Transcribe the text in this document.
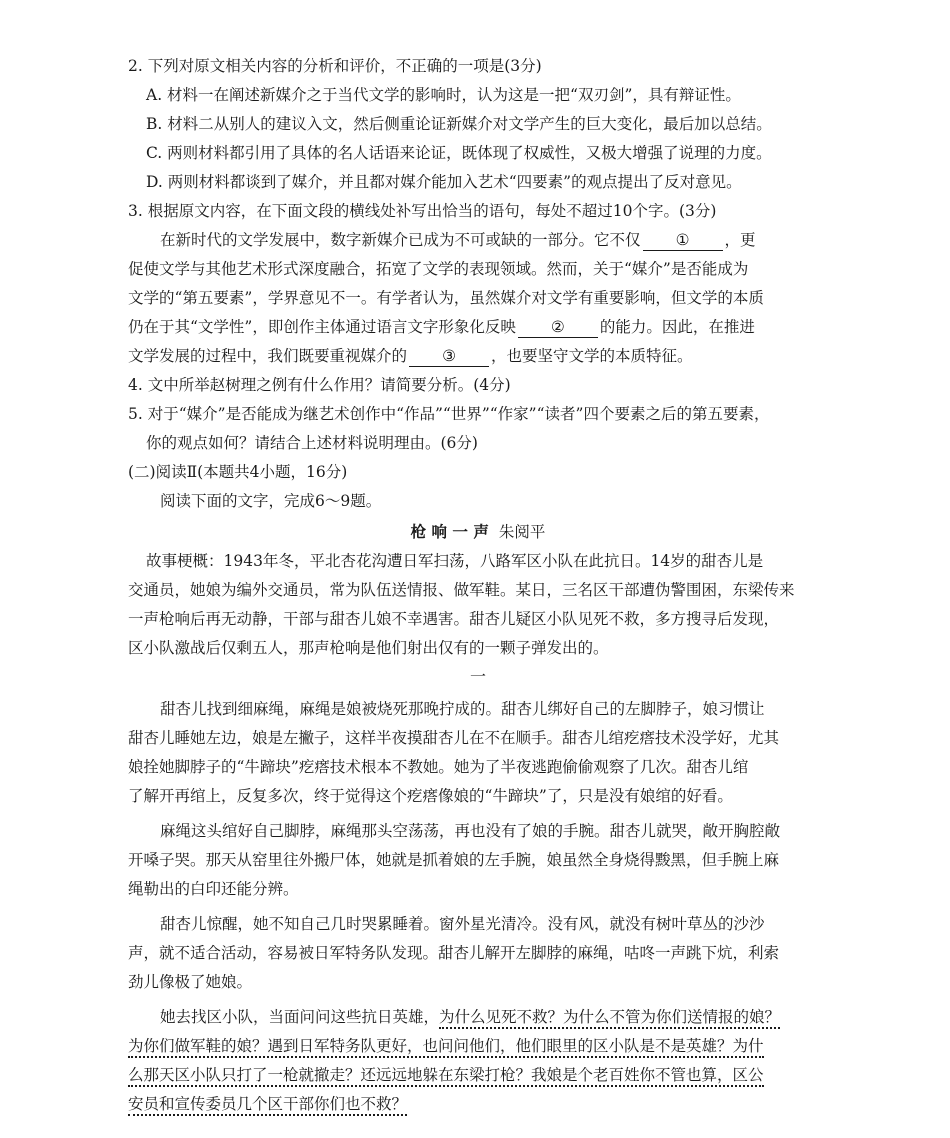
2. 下列对原文相关内容的分析和评价，不正确的一项是(3分)
A. 材料一在阐述新媒介之于当代文学的影响时，认为这是一把“双刃剑”，具有辩证性。
B. 材料二从别人的建议入文，然后侧重论证新媒介对文学产生的巨大变化，最后加以总结。
C. 两则材料都引用了具体的名人话语来论证，既体现了权威性，又极大增强了说理的力度。
D. 两则材料都谈到了媒介，并且都对媒介能加入艺术“四要素”的观点提出了反对意见。
3. 根据原文内容，在下面文段的横线处补写出恰当的语句，每处不超过10个字。(3分)
在新时代的文学发展中，数字新媒介已成为不可或缺的一部分。它不仅 ① ，更
促使文学与其他艺术形式深度融合，拓宽了文学的表现领域。然而，关于“媒介”是否能成为
文学的“第五要素”，学界意见不一。有学者认为，虽然媒介对文学有重要影响，但文学的本质
仍在于其“文学性”，即创作主体通过语言文字形象化反映 ② 的能力。因此，在推进
文学发展的过程中，我们既要重视媒介的 ③ ，也要坚守文学的本质特征。
4. 文中所举赵树理之例有什么作用？请简要分析。(4分)
5. 对于“媒介”是否能成为继艺术创作中“作品”“世界”“作家”“读者”四个要素之后的第五要素，
你的观点如何？请结合上述材料说明理由。(6分)
(二)阅读Ⅱ(本题共4小题，16分)
阅读下面的文字，完成6～9题。
枪 响 一 声 朱阅平
故事梗概：1943年冬，平北杏花沟遭日军扫荡，八路军区小队在此抗日。14岁的甜杏儿是
交通员，她娘为编外交通员，常为队伍送情报、做军鞋。某日，三名区干部遭伪警围困，东梁传来
一声枪响后再无动静，干部与甜杏儿娘不幸遇害。甜杏儿疑区小队见死不救，多方搜寻后发现，
区小队激战后仅剩五人，那声枪响是他们射出仅有的一颗子弹发出的。
一
甜杏儿找到细麻绳，麻绳是娘被烧死那晚拧成的。甜杏儿绑好自己的左脚脖子，娘习惯让
甜杏儿睡她左边，娘是左撇子，这样半夜摸甜杏儿在不在顺手。甜杏儿绾疙瘩技术没学好，尤其
娘拴她脚脖子的“牛蹄块”疙瘩技术根本不教她。她为了半夜逃跑偷偷观察了几次。甜杏儿绾
了解开再绾上，反复多次，终于觉得这个疙瘩像娘的“牛蹄块”了，只是没有娘绾的好看。
麻绳这头绾好自己脚脖，麻绳那头空荡荡，再也没有了娘的手腕。甜杏儿就哭，敞开胸腔敞
开嗓子哭。那天从窑里往外搬尸体，她就是抓着娘的左手腕，娘虽然全身烧得黢黑，但手腕上麻
绳勒出的白印还能分辨。
甜杏儿惊醒，她不知自己几时哭累睡着。窗外星光清冷。没有风，就没有树叶草丛的沙沙
声，就不适合活动，容易被日军特务队发现。甜杏儿解开左脚脖的麻绳，咕咚一声跳下炕，利索
劲儿像极了她娘。
她去找区小队，当面问问这些抗日英雄，为什么见死不救？为什么不管为你们送情报的娘？
为你们做军鞋的娘？遇到日军特务队更好，也问问他们，他们眼里的区小队是不是英雄？为什
么那天区小队只打了一枪就撤走？还远远地躲在东梁打枪？我娘是个老百姓你不管也算，区公
安员和宣传委员几个区干部你们也不救？
